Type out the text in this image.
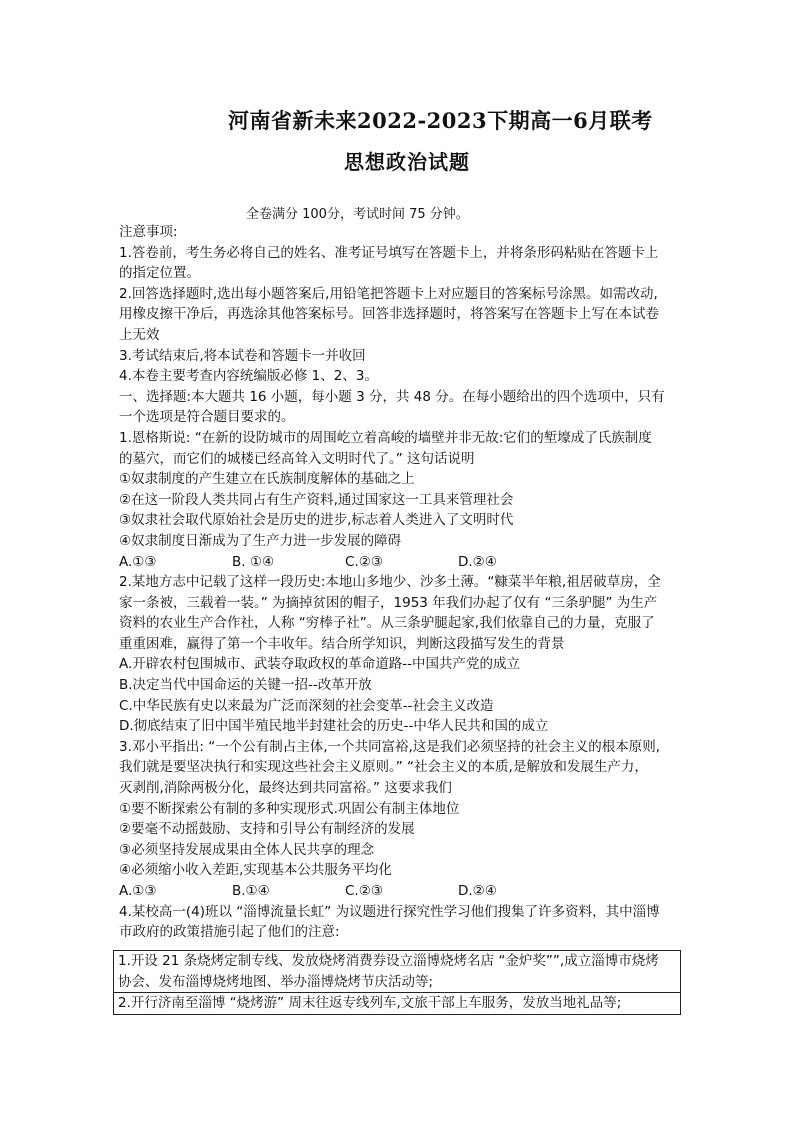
河南省新未来2022-2023下期高一6月联考
思想政治试题
全卷满分 100分，考试时间 75 分钟。

注意事项:

1.答卷前，考生务必将自己的姓名、准考证号填写在答题卡上，并将条形码粘贴在答题卡上

的指定位置。

2.回答选择题时,选出每小题答案后,用铅笔把答题卡上对应题目的答案标号涂黑。如需改动,

用橡皮擦干净后，再选涂其他答案标号。回答非选择题时，将答案写在答题卡上写在本试卷

上无效

3.考试结束后,将本试卷和答题卡一并收回

4.本卷主要考查内容统编版必修 1、2、3。

一、选择题:本大题共 16 小题，每小题 3 分，共 48 分。在每小题给出的四个选项中，只有

一个选项是符合题目要求的。

1.恩格斯说: “在新的设防城市的周围屹立着高峻的墙壁并非无故:它们的堑壕成了氏族制度

的墓穴，而它们的城楼已经高耸入文明时代了。” 这句话说明

①奴隶制度的产生建立在氏族制度解体的基础之上

②在这一阶段人类共同占有生产资料,通过国家这一工具来管理社会

③奴隶社会取代原始社会是历史的进步,标志着人类进入了文明时代

④奴隶制度日渐成为了生产力进一步发展的障碍

A.①③	B. ①④	C.②③	D.②④

2.某地方志中记载了这样一段历史:本地山多地少、沙多土薄。“糠菜半年粮,祖居破草房，全

家一条被，三载着一装。” 为摘掉贫困的帽子，1953 年我们办起了仅有 “三条驴腿” 为生产

资料的农业生产合作社，人称 “穷棒子社”。从三条驴腿起家,我们依靠自己的力量，克服了

重重困难，赢得了第一个丰收年。结合所学知识，判断这段描写发生的背景

A.开辟农村包围城市、武装夺取政权的革命道路--中国共产党的成立

B.决定当代中国命运的关键一招--改革开放

C.中华民族有史以来最为广泛而深刻的社会变革--社会主义改造

D.彻底结束了旧中国半殖民地半封建社会的历史--中华人民共和国的成立

3.邓小平指出: “一个公有制占主体,一个共同富裕,这是我们必须坚持的社会主义的根本原则,

我们就是要坚决执行和实现这些社会主义原则。” “社会主义的本质,是解放和发展生产力，

灭剥削,消除两极分化，最终达到共同富裕。” 这要求我们

①要不断探索公有制的多种实现形式.巩固公有制主体地位

②要毫不动摇鼓励、支持和引导公有制经济的发展

③必须坚持发展成果由全体人民共享的理念

④必须缩小收入差距,实现基本公共服务平均化

A.①③	B.①④	C.②③	D.②④

4.某校高一(4)班以 “淄博流量长虹” 为议题进行探究性学习他们搜集了许多资料，其中淄博

市政府的政策措施引起了他们的注意:

1.开设 21 条烧烤定制专线、发放烧烤消费券设立淄博烧烤名店 “金炉奖””,成立淄博市烧烤

协会、发布淄博烧烤地图、举办淄博烧烤节庆活动等;

2.开行济南至淄博 “烧烤游” 周末往返专线列车,文旅干部上车服务，发放当地礼品等;
